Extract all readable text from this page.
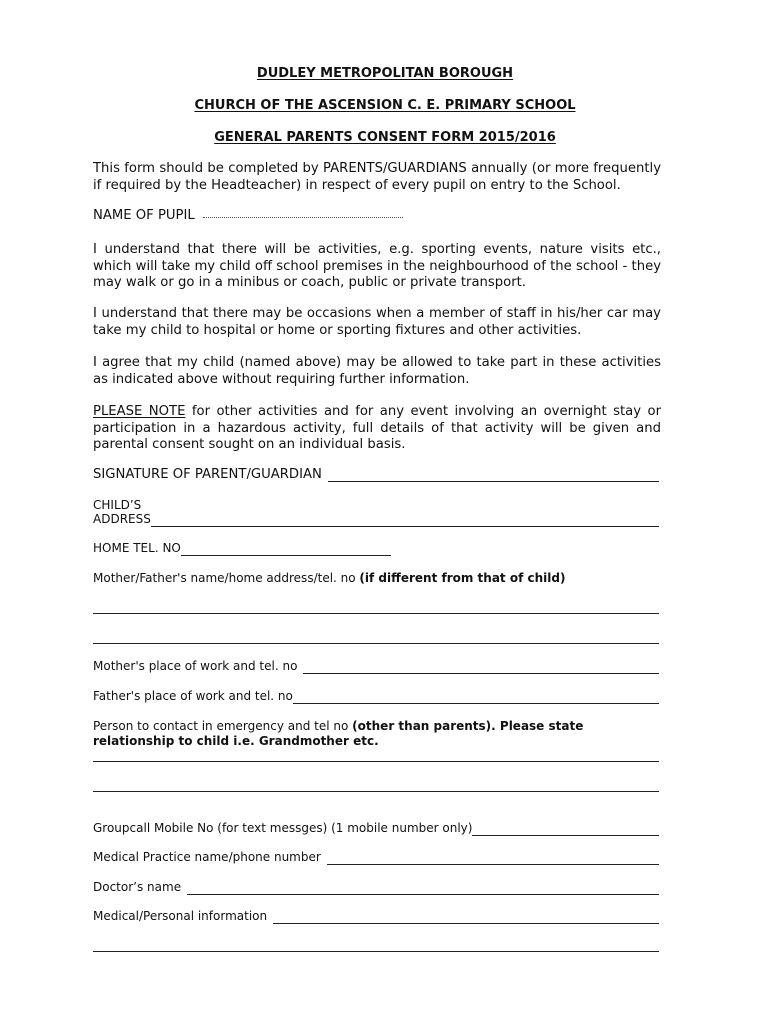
DUDLEY METROPOLITAN BOROUGH
CHURCH OF THE ASCENSION C. E. PRIMARY SCHOOL
GENERAL PARENTS CONSENT FORM 2015/2016

This form should be completed by PARENTS/GUARDIANS annually (or more frequently if required by the Headteacher) in respect of every pupil on entry to the School.

NAME OF PUPIL

I understand that there will be activities, e.g. sporting events, nature visits etc., which will take my child off school premises in the neighbourhood of the school - they may walk or go in a minibus or coach, public or private transport.

I understand that there may be occasions when a member of staff in his/her car may take my child to hospital or home or sporting fixtures and other activities.

I agree that my child (named above) may be allowed to take part in these activities as indicated above without requiring further information.

PLEASE NOTE for other activities and for any event involving an overnight stay or participation in a hazardous activity, full details of that activity will be given and parental consent sought on an individual basis.

SIGNATURE OF PARENT/GUARDIAN
CHILD’S
ADDRESS
HOME TEL. NO

Mother/Father's name/home address/tel. no (if different from that of child)

Mother's place of work and tel. no
Father's place of work and tel. no

Person to contact in emergency and tel no (other than parents). Please state relationship to child i.e. Grandmother etc.

Groupcall Mobile No (for text messges) (1 mobile number only)
Medical Practice name/phone number
Doctor’s name
Medical/Personal information
